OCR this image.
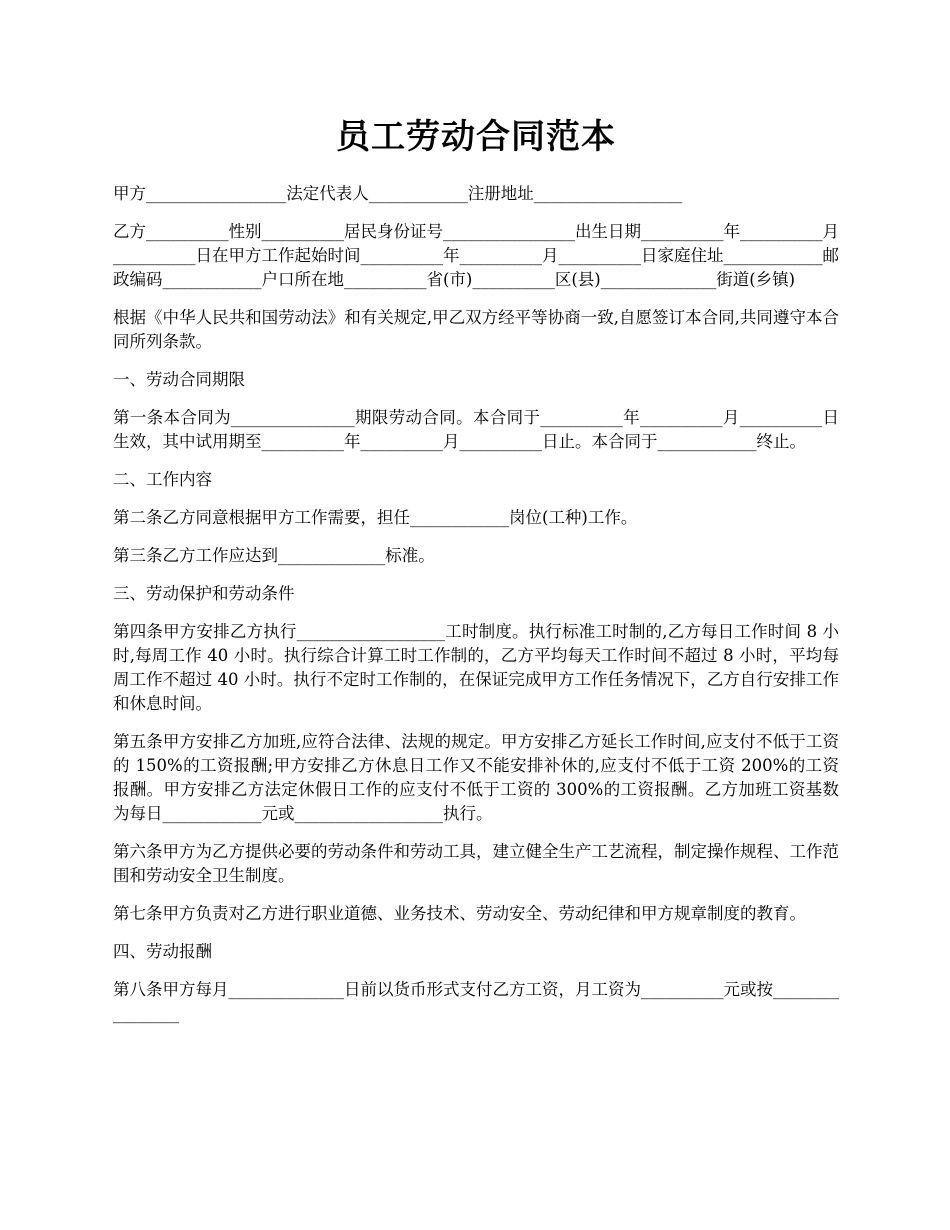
员工劳动合同范本

甲方_________________法定代表人____________注册地址__________________

乙方__________性别__________居民身份证号________________出生日期__________年__________月__________日在甲方工作起始时间__________年__________月__________日家庭住址____________邮政编码____________户口所在地__________省(市)__________区(县)______________街道(乡镇)

根据《中华人民共和国劳动法》和有关规定,甲乙双方经平等协商一致,自愿签订本合同,共同遵守本合同所列条款。

一、劳动合同期限

第一条本合同为_______________期限劳动合同。本合同于__________年__________月__________日生效，其中试用期至__________年__________月__________日止。本合同于____________终止。

二、工作内容

第二条乙方同意根据甲方工作需要，担任____________岗位(工种)工作。

第三条乙方工作应达到_____________标准。

三、劳动保护和劳动条件

第四条甲方安排乙方执行__________________工时制度。执行标准工时制的,乙方每日工作时间 8 小时,每周工作 40 小时。执行综合计算工时工作制的，乙方平均每天工作时间不超过 8 小时，平均每周工作不超过 40 小时。执行不定时工作制的，在保证完成甲方工作任务情况下，乙方自行安排工作和休息时间。

第五条甲方安排乙方加班,应符合法律、法规的规定。甲方安排乙方延长工作时间,应支付不低于工资的 150%的工资报酬;甲方安排乙方休息日工作又不能安排补休的,应支付不低于工资 200%的工资报酬。甲方安排乙方法定休假日工作的应支付不低于工资的 300%的工资报酬。乙方加班工资基数为每日____________元或__________________执行。

第六条甲方为乙方提供必要的劳动条件和劳动工具，建立健全生产工艺流程，制定操作规程、工作范围和劳动安全卫生制度。

第七条甲方负责对乙方进行职业道德、业务技术、劳动安全、劳动纪律和甲方规章制度的教育。

四、劳动报酬

第八条甲方每月______________日前以货币形式支付乙方工资，月工资为__________元或按________________
